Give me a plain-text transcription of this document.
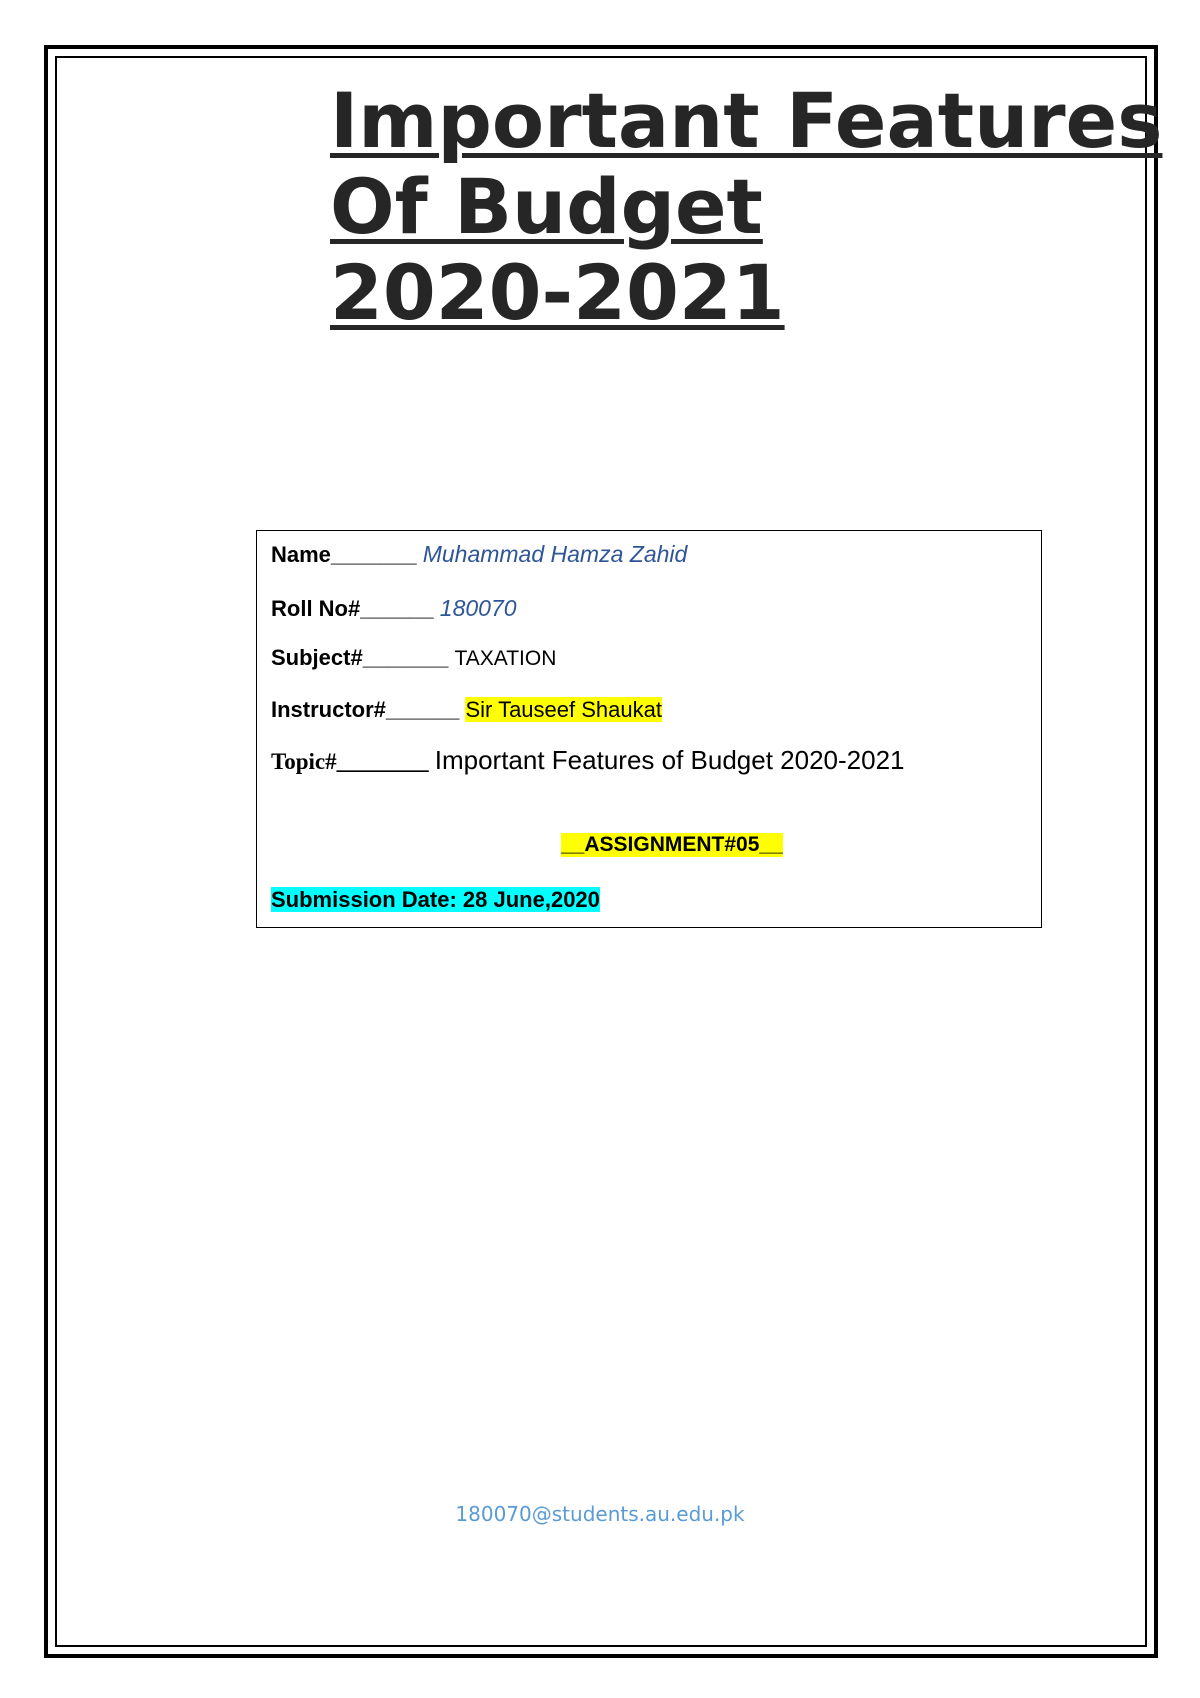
Important Features
Of Budget
2020-2021
Name_______ Muhammad Hamza Zahid
Roll No#______ 180070
Subject#_______ TAXATION
Instructor#______ Sir Tauseef Shaukat
Topic#________ Important Features of Budget 2020-2021
__ASSIGNMENT#05__
Submission Date: 28 June,2020
180070@students.au.edu.pk
